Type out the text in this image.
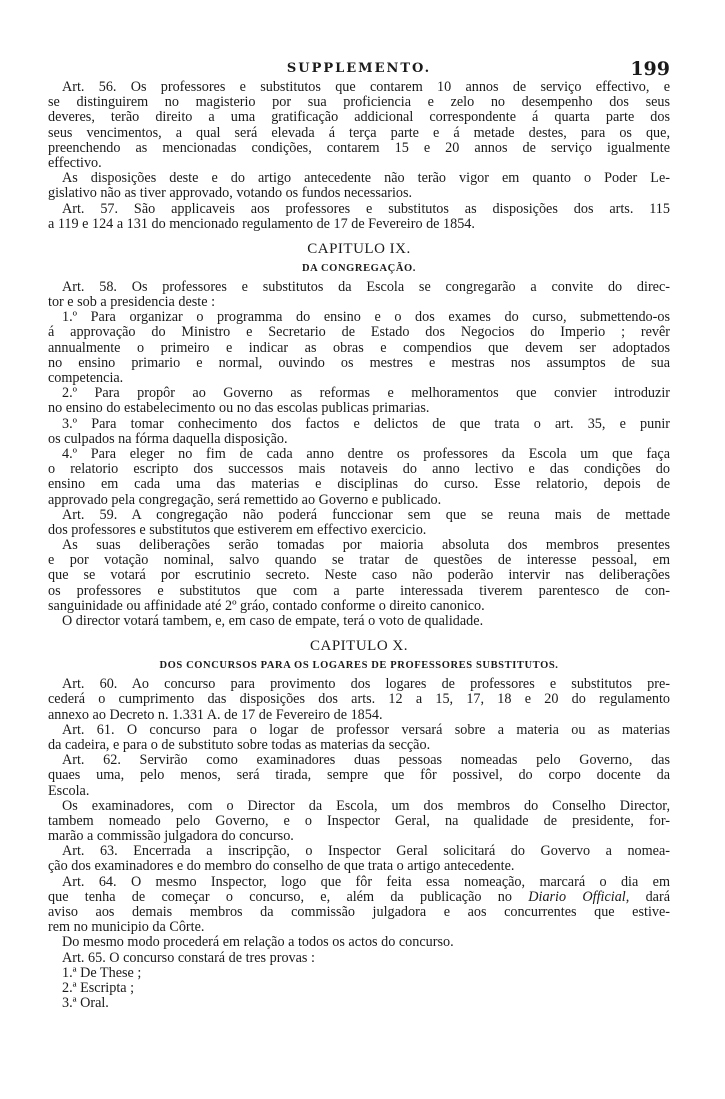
SUPPLEMENTO.	199
Art. 56. Os professores e substitutos que contarem 10 annos de serviço effectivo, e
se distinguirem no magisterio por sua proficiencia e zelo no desempenho dos seus
deveres, terão direito a uma gratificação addicional correspondente á quarta parte dos
seus vencimentos, a qual será elevada á terça parte e á metade destes, para os que,
preenchendo as mencionadas condições, contarem 15 e 20 annos de serviço igualmente
effectivo.
As disposições deste e do artigo antecedente não terão vigor em quanto o Poder Le-
gislativo não as tiver approvado, votando os fundos necessarios.
Art. 57. São applicaveis aos professores e substitutos as disposições dos arts. 115
a 119 e 124 a 131 do mencionado regulamento de 17 de Fevereiro de 1854.
CAPITULO IX.
DA CONGREGAÇÃO.
Art. 58. Os professores e substitutos da Escola se congregarão a convite do direc-
tor e sob a presidencia deste :
1.º Para organizar o programma do ensino e o dos exames do curso, submettendo-os
á approvação do Ministro e Secretario de Estado dos Negocios do Imperio ; revêr
annualmente o primeiro e indicar as obras e compendios que devem ser adoptados
no ensino primario e normal, ouvindo os mestres e mestras nos assumptos de sua
competencia.
2.º Para propôr ao Governo as reformas e melhoramentos que convier introduzir
no ensino do estabelecimento ou no das escolas publicas primarias.
3.º Para tomar conhecimento dos factos e delictos de que trata o art. 35, e punir
os culpados na fórma daquella disposição.
4.º Para eleger no fim de cada anno dentre os professores da Escola um que faça
o relatorio escripto dos successos mais notaveis do anno lectivo e das condições do
ensino em cada uma das materias e disciplinas do curso. Esse relatorio, depois de
approvado pela congregação, será remettido ao Governo e publicado.
Art. 59. A congregação não poderá funccionar sem que se reuna mais de mettade
dos professores e substitutos que estiverem em effectivo exercicio.
As suas deliberações serão tomadas por maioria absoluta dos membros presentes
e por votação nominal, salvo quando se tratar de questões de interesse pessoal, em
que se votará por escrutinio secreto. Neste caso não poderão intervir nas deliberações
os professores e substitutos que com a parte interessada tiverem parentesco de con-
sanguinidade ou affinidade até 2º gráo, contado conforme o direito canonico.
O director votará tambem, e, em caso de empate, terá o voto de qualidade.
CAPITULO X.
DOS CONCURSOS PARA OS LOGARES DE PROFESSORES SUBSTITUTOS.
Art. 60. Ao concurso para provimento dos logares de professores e substitutos pre-
cederá o cumprimento das disposições dos arts. 12 a 15, 17, 18 e 20 do regulamento
annexo ao Decreto n. 1.331 A. de 17 de Fevereiro de 1854.
Art. 61. O concurso para o logar de professor versará sobre a materia ou as materias
da cadeira, e para o de substituto sobre todas as materias da secção.
Art. 62. Servirão como examinadores duas pessoas nomeadas pelo Governo, das
quaes uma, pelo menos, será tirada, sempre que fôr possivel, do corpo docente da
Escola.
Os examinadores, com o Director da Escola, um dos membros do Conselho Director,
tambem nomeado pelo Governo, e o Inspector Geral, na qualidade de presidente, for-
marão a commissão julgadora do concurso.
Art. 63. Encerrada a inscripção, o Inspector Geral solicitará do Govervo a nomea-
ção dos examinadores e do membro do conselho de que trata o artigo antecedente.
Art. 64. O mesmo Inspector, logo que fôr feita essa nomeação, marcará o dia em
que tenha de começar o concurso, e, além da publicação no Diario Official, dará
aviso aos demais membros da commissão julgadora e aos concurrentes que estive-
rem no municipio da Côrte.
Do mesmo modo procederá em relação a todos os actos do concurso.
Art. 65. O concurso constará de tres provas :
1.ª De These ;
2.ª Escripta ;
3.ª Oral.
